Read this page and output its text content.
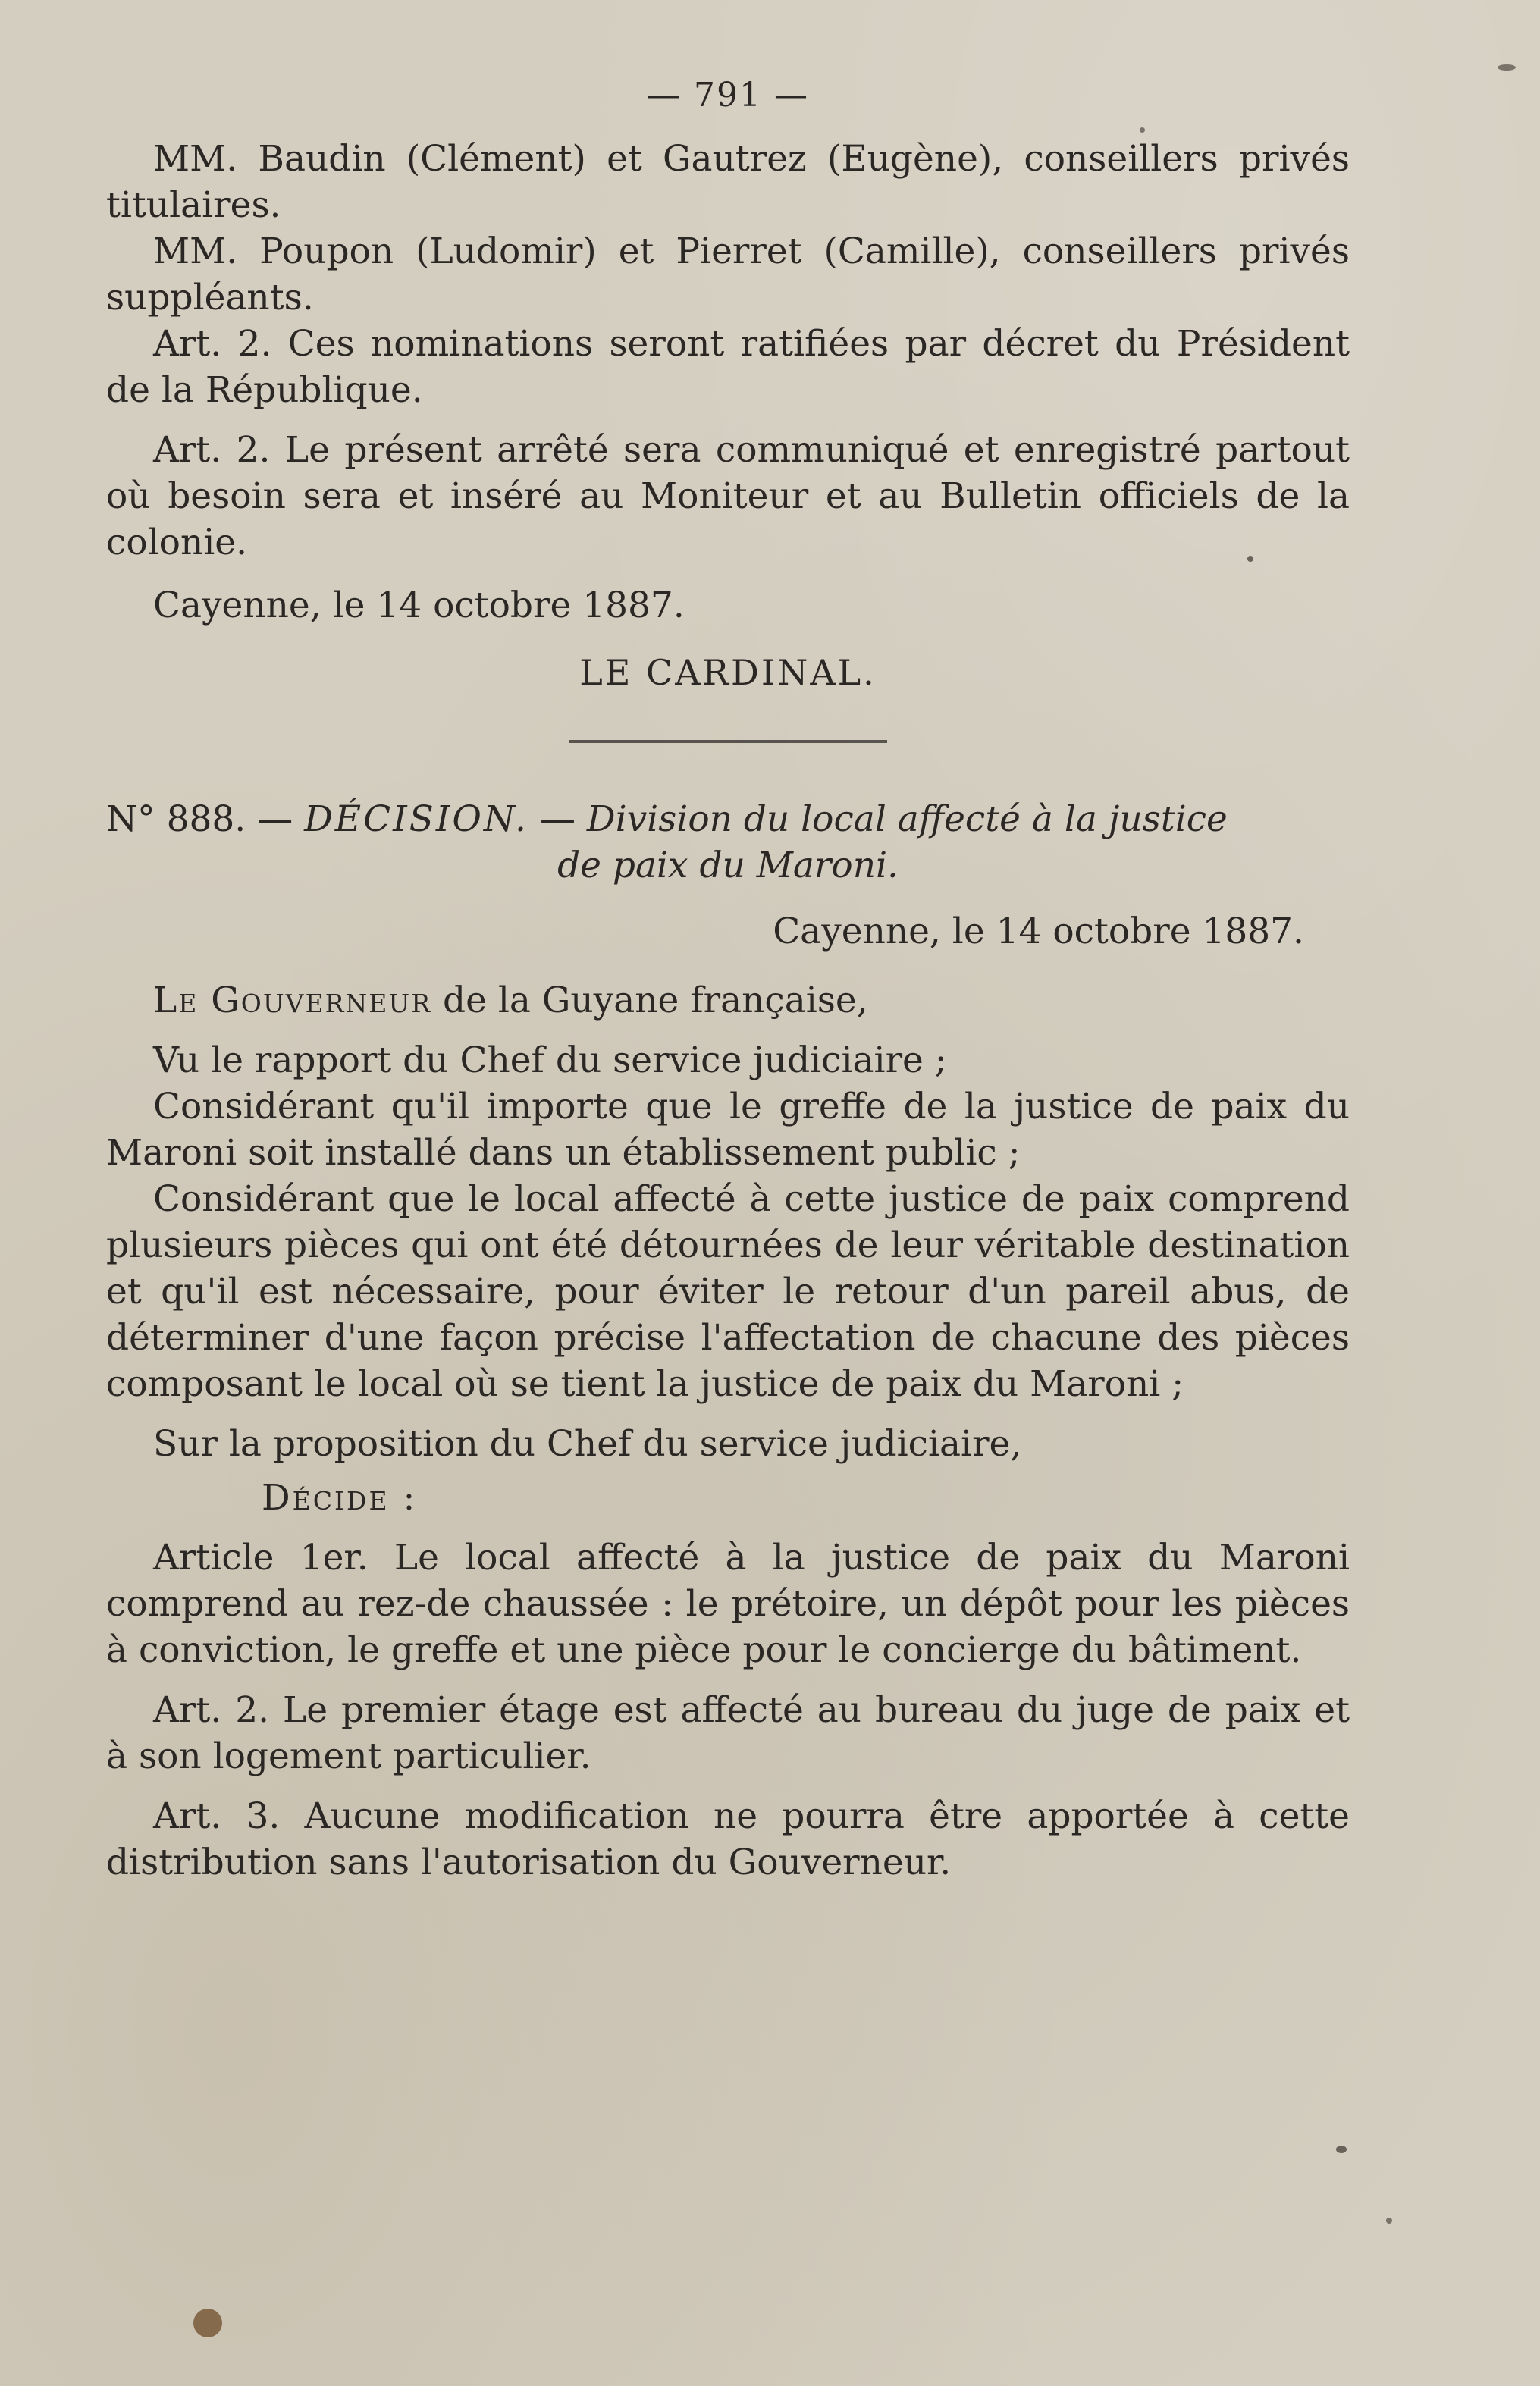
— 791 —

MM. Baudin (Clément) et Gautrez (Eugène), conseillers privés titulaires.

MM. Poupon (Ludomir) et Pierret (Camille), conseillers privés suppléants.

Art. 2. Ces nominations seront ratifiées par décret du Président de la République.

Art. 2. Le présent arrêté sera communiqué et enregistré partout où besoin sera et inséré au Moniteur et au Bulletin officiels de la colonie.

Cayenne, le 14 octobre 1887.

LE CARDINAL.

N° 888. — DÉCISION. — Division du local affecté à la justice
de paix du Maroni.

Cayenne, le 14 octobre 1887.

Le Gouverneur de la Guyane française,

Vu le rapport du Chef du service judiciaire ;

Considérant qu'il importe que le greffe de la justice de paix du Maroni soit installé dans un établissement public ;

Considérant que le local affecté à cette justice de paix comprend plusieurs pièces qui ont été détournées de leur véritable destination et qu'il est nécessaire, pour éviter le retour d'un pareil abus, de déterminer d'une façon précise l'affectation de chacune des pièces composant le local où se tient la justice de paix du Maroni ;

Sur la proposition du Chef du service judiciaire,

Décide :

Article 1er. Le local affecté à la justice de paix du Maroni comprend au rez-de chaussée : le prétoire, un dépôt pour les pièces à conviction, le greffe et une pièce pour le concierge du bâtiment.

Art. 2. Le premier étage est affecté au bureau du juge de paix et à son logement particulier.

Art. 3. Aucune modification ne pourra être apportée à cette distribution sans l'autorisation du Gouverneur.
